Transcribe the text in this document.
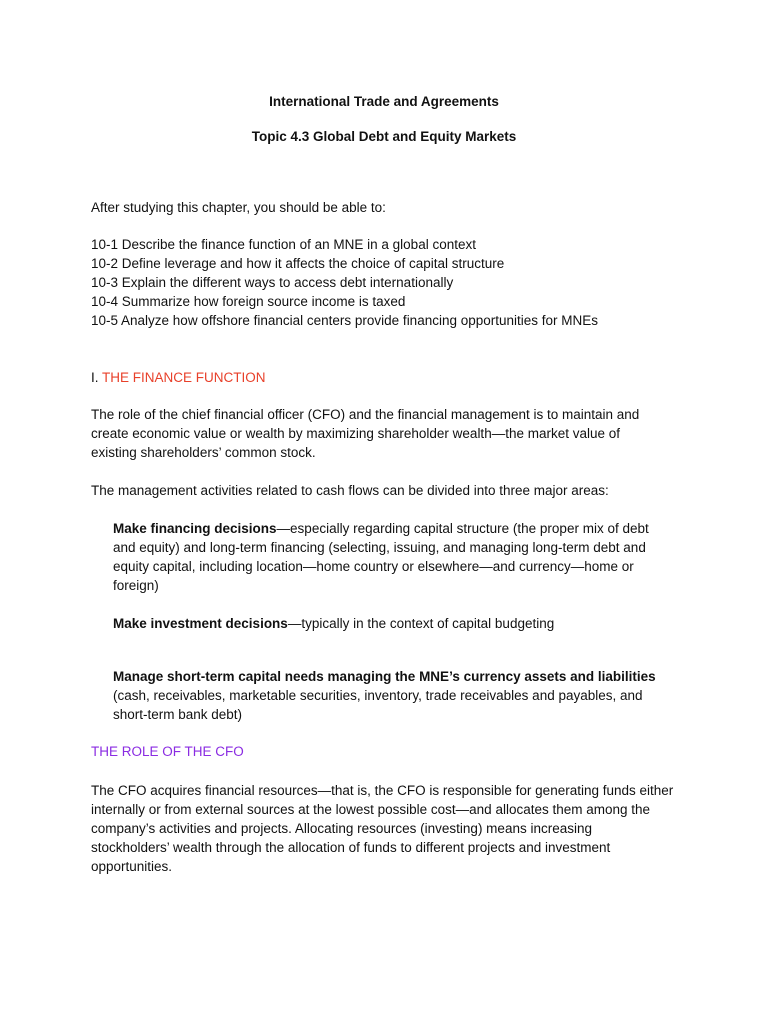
International Trade and Agreements
Topic 4.3 Global Debt and Equity Markets
After studying this chapter, you should be able to:
10-1 Describe the finance function of an MNE in a global context
10-2 Define leverage and how it affects the choice of capital structure
10-3 Explain the different ways to access debt internationally
10-4 Summarize how foreign source income is taxed
10-5 Analyze how offshore financial centers provide financing opportunities for MNEs
I. THE FINANCE FUNCTION
The role of the chief financial officer (CFO) and the financial management is to maintain and
create economic value or wealth by maximizing shareholder wealth—the market value of
existing shareholders’ common stock.
The management activities related to cash flows can be divided into three major areas:
Make financing decisions—especially regarding capital structure (the proper mix of debt
and equity) and long-term financing (selecting, issuing, and managing long-term debt and
equity capital, including location—home country or elsewhere—and currency—home or
foreign)
Make investment decisions—typically in the context of capital budgeting
Manage short-term capital needs managing the MNE’s currency assets and liabilities
(cash, receivables, marketable securities, inventory, trade receivables and payables, and
short-term bank debt)
THE ROLE OF THE CFO
The CFO acquires financial resources—that is, the CFO is responsible for generating funds either
internally or from external sources at the lowest possible cost—and allocates them among the
company’s activities and projects. Allocating resources (investing) means increasing
stockholders’ wealth through the allocation of funds to different projects and investment
opportunities.
